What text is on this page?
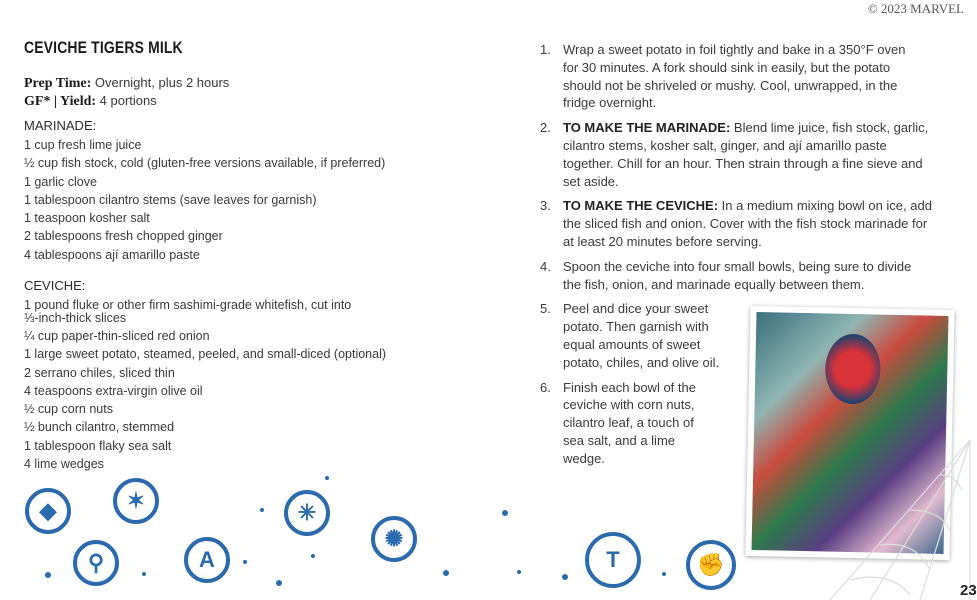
© 2023 MARVEL
CEVICHE TIGERS MILK
Prep Time: Overnight, plus 2 hours
GF* | Yield: 4 portions
MARINADE:
1 cup fresh lime juice
½ cup fish stock, cold (gluten-free versions available, if preferred)
1 garlic clove
1 tablespoon cilantro stems (save leaves for garnish)
1 teaspoon kosher salt
2 tablespoons fresh chopped ginger
4 tablespoons ají amarillo paste
CEVICHE:
1 pound fluke or other firm sashimi-grade whitefish, cut into
⅓-inch-thick slices
¼ cup paper-thin-sliced red onion
1 large sweet potato, steamed, peeled, and small-diced (optional)
2 serrano chiles, sliced thin
4 teaspoons extra-virgin olive oil
½ cup corn nuts
½ bunch cilantro, stemmed
1 tablespoon flaky sea salt
4 lime wedges
1. Wrap a sweet potato in foil tightly and bake in a 350°F oven for 30 minutes. A fork should sink in easily, but the potato should not be shriveled or mushy. Cool, unwrapped, in the fridge overnight.
2. TO MAKE THE MARINADE: Blend lime juice, fish stock, garlic, cilantro stems, kosher salt, ginger, and ají amarillo paste together. Chill for an hour. Then strain through a fine sieve and set aside.
3. TO MAKE THE CEVICHE: In a medium mixing bowl on ice, add the sliced fish and onion. Cover with the fish stock marinade for at least 20 minutes before serving.
4. Spoon the ceviche into four small bowls, being sure to divide the fish, onion, and marinade equally between them.
5. Peel and dice your sweet potato. Then garnish with equal amounts of sweet potato, chiles, and olive oil.
6. Finish each bowl of the ceviche with corn nuts, cilantro leaf, a touch of sea salt, and a lime wedge.
◆	✶
⚲	A
✳
✺
T	✊
23
